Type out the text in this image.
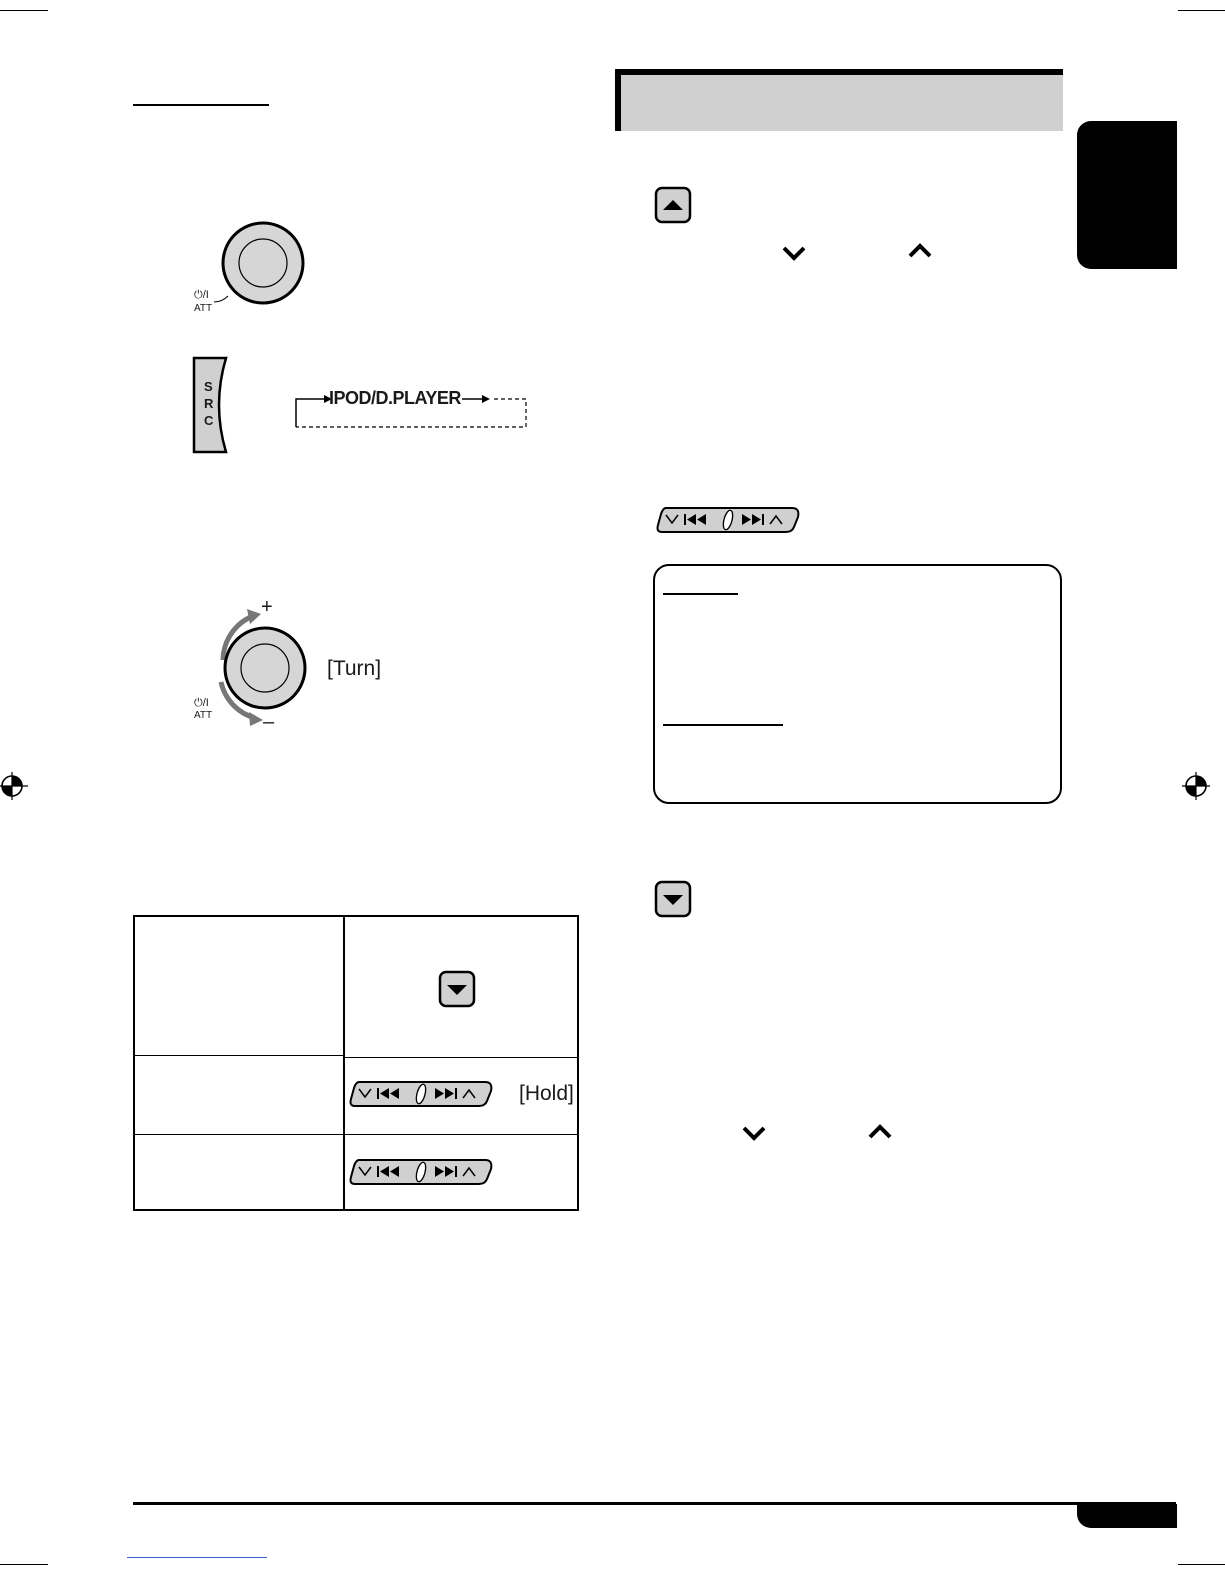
⏻/I
ATT
S
R
C
IPOD/D.PLAYER
+
–
[Turn]
⏻/I
ATT
[Hold]
